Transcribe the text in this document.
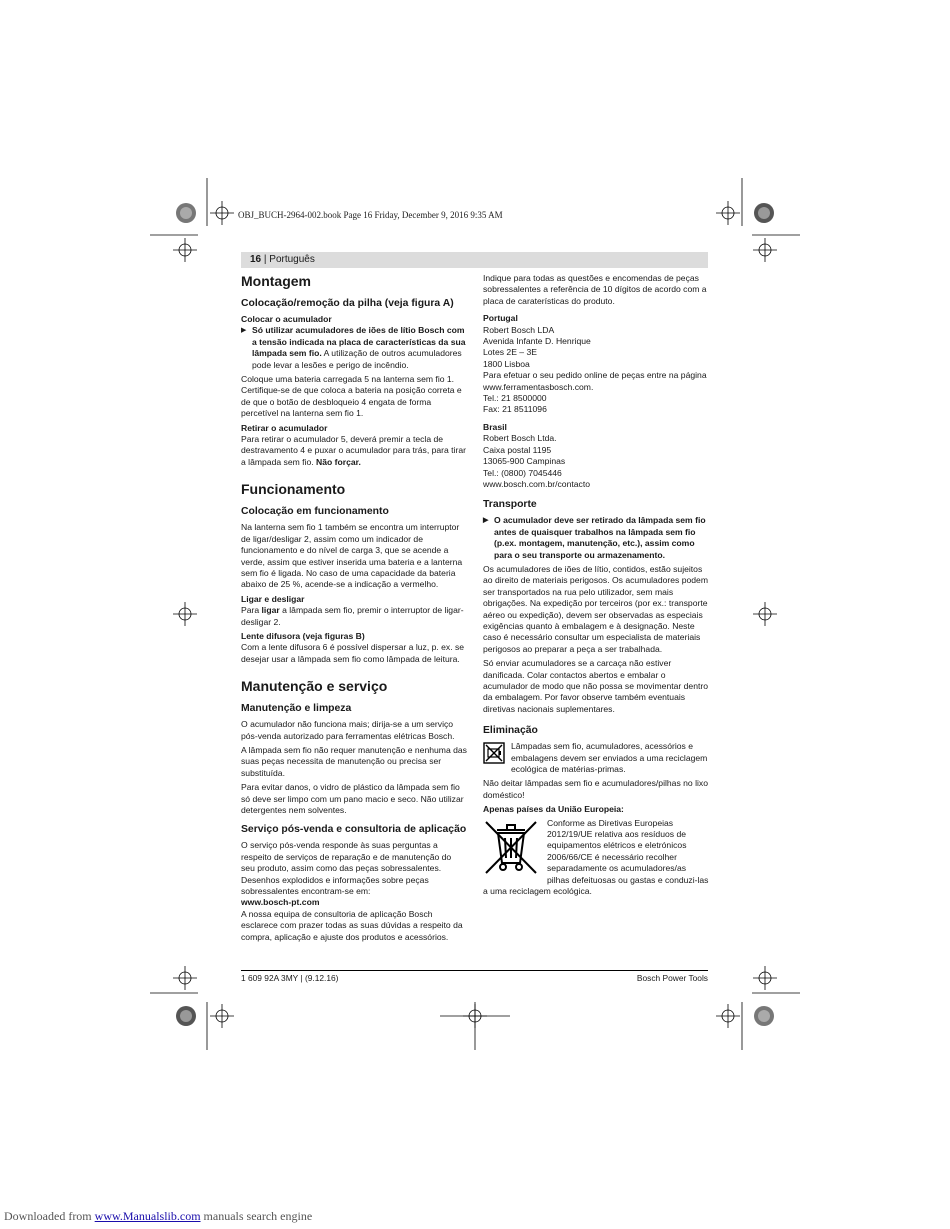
OBJ_BUCH-2964-002.book Page 16 Friday, December 9, 2016 9:35 AM
16 | Português
Montagem
Colocação/remoção da pilha (veja figura A)
Colocar o acumulador

▶ Só utilizar acumuladores de iões de lítio Bosch com a tensão indicada na placa de características da sua lâmpada sem fio. A utilização de outros acumuladores pode levar a lesões e perigo de incêndio.

Coloque uma bateria carregada 5 na lanterna sem fio 1. Certifique-se de que coloca a bateria na posição correta e de que o botão de desbloqueio 4 engata de forma percetível na lanterna sem fio 1.

Retirar o acumulador

Para retirar o acumulador 5, deverá premir a tecla de destravamento 4 e puxar o acumulador para trás, para tirar a lâmpada sem fio. Não forçar.

Funcionamento
Colocação em funcionamento

Na lanterna sem fio 1 também se encontra um interruptor de ligar/desligar 2, assim como um indicador de funcionamento e do nível de carga 3, que se acende a verde, assim que estiver inserida uma bateria e a lanterna sem fio é ligada. No caso de uma capacidade da bateria abaixo de 25 %, acende-se a indicação a vermelho.

Ligar e desligar

Para ligar a lâmpada sem fio, premir o interruptor de ligar-desligar 2.

Lente difusora (veja figuras B)

Com a lente difusora 6 é possível dispersar a luz, p. ex. se desejar usar a lâmpada sem fio como lâmpada de leitura.

Manutenção e serviço
Manutenção e limpeza

O acumulador não funciona mais; dirija-se a um serviço pós-venda autorizado para ferramentas elétricas Bosch.

A lâmpada sem fio não requer manutenção e nenhuma das suas peças necessita de manutenção ou precisa ser substituída.

Para evitar danos, o vidro de plástico da lâmpada sem fio só deve ser limpo com um pano macio e seco. Não utilizar detergentes nem solventes.

Serviço pós-venda e consultoria de aplicação

O serviço pós-venda responde às suas perguntas a respeito de serviços de reparação e de manutenção do seu produto, assim como das peças sobressalentes. Desenhos explodidos e informações sobre peças sobressalentes encontram-se em:

www.bosch-pt.com

A nossa equipa de consultoria de aplicação Bosch esclarece com prazer todas as suas dúvidas a respeito da compra, aplicação e ajuste dos produtos e acessórios.

Indique para todas as questões e encomendas de peças sobressalentes a referência de 10 dígitos de acordo com a placa de caraterísticas do produto.

Portugal
Robert Bosch LDA
Avenida Infante D. Henrique
Lotes 2E – 3E
1800 Lisboa
Para efetuar o seu pedido online de peças entre na página
www.ferramentasbosch.com.
Tel.: 21 8500000
Fax: 21 8511096
Brasil
Robert Bosch Ltda.
Caixa postal 1195
13065-900 Campinas
Tel.: (0800) 7045446
www.bosch.com.br/contacto
Transporte

▶ O acumulador deve ser retirado da lâmpada sem fio antes de quaisquer trabalhos na lâmpada sem fio (p.ex. montagem, manutenção, etc.), assim como para o seu transporte ou armazenamento.

Os acumuladores de iões de lítio, contidos, estão sujeitos ao direito de materiais perigosos. Os acumuladores podem ser transportados na rua pelo utilizador, sem mais obrigações. Na expedição por terceiros (por ex.: transporte aéreo ou expedição), devem ser observadas as especiais exigências quanto à embalagem e à designação. Neste caso é necessário consultar um especialista de materiais perigosos ao preparar a peça a ser trabalhada.

Só enviar acumuladores se a carcaça não estiver danificada. Colar contactos abertos e embalar o acumulador de modo que não possa se movimentar dentro da embalagem. Por favor observe também eventuais diretivas nacionais suplementares.

Eliminação

Lâmpadas sem fio, acumuladores, acessórios e embalagens devem ser enviados a uma reciclagem ecológica de matérias-primas.

Não deitar lâmpadas sem fio e acumuladores/pilhas no lixo doméstico!

Apenas países da União Europeia:

Conforme as Diretivas Europeias 2012/19/UE relativa aos resíduos de equipamentos elétricos e eletrónicos 2006/66/CE é necessário recolher separadamente os acumuladores/as pilhas defeituosas ou gastas e conduzi-las a uma reciclagem ecológica.

1 609 92A 3MY | (9.12.16)	Bosch Power Tools
Downloaded from www.Manualslib.com manuals search engine
